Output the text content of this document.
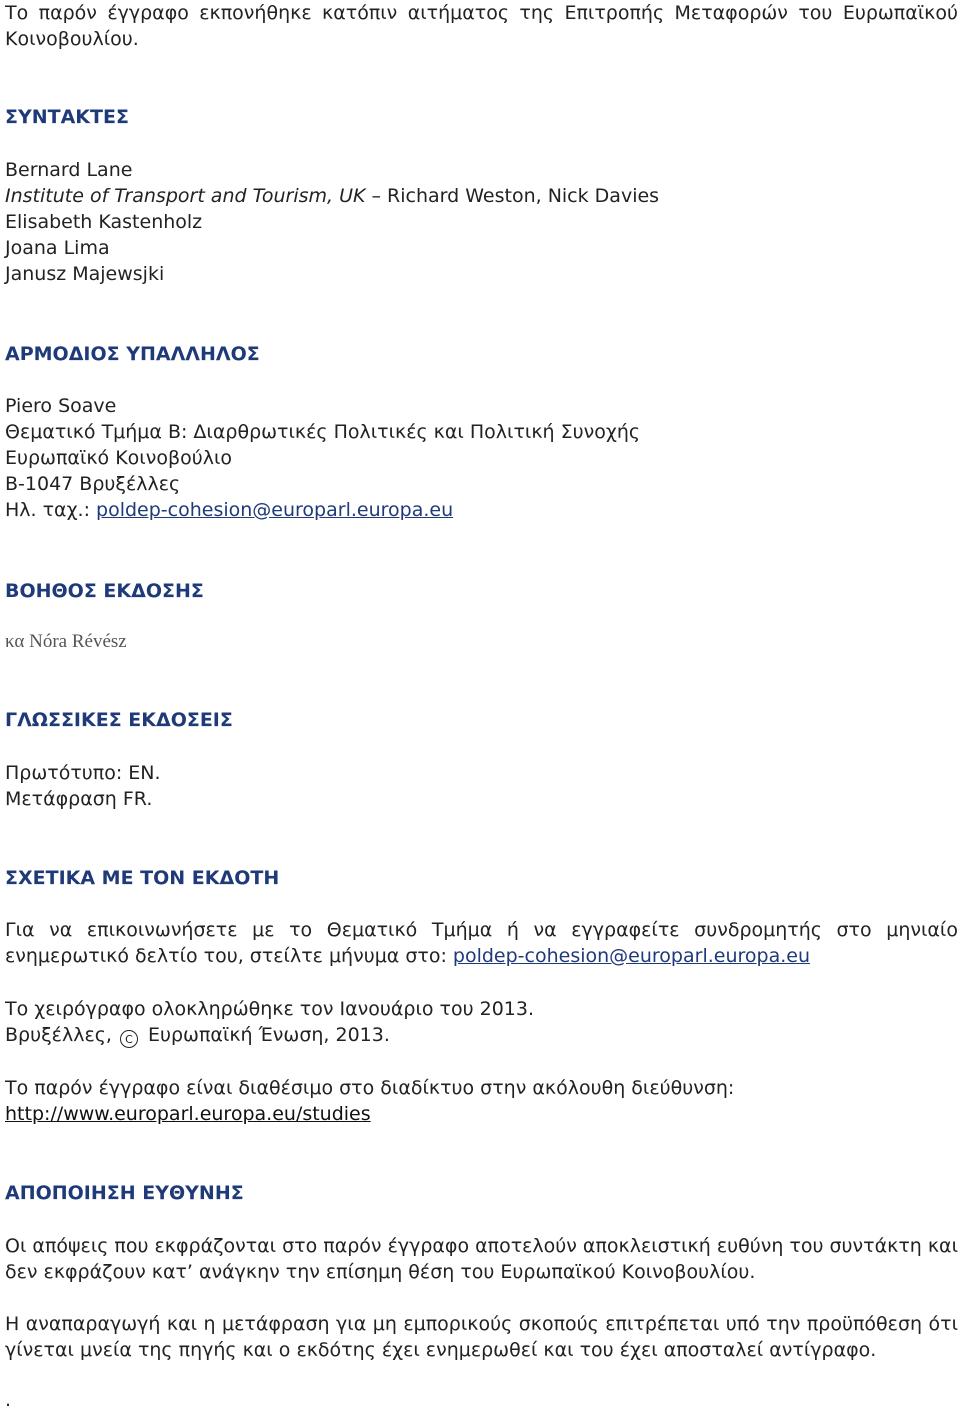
Το παρόν έγγραφο εκπονήθηκε κατόπιν αιτήματος της Επιτροπής Μεταφορών του Ευρωπαϊκού Κοινοβουλίου.
ΣΥΝΤΑΚΤΕΣ
Bernard Lane
Institute of Transport and Tourism, UK – Richard Weston, Nick Davies
Elisabeth Kastenholz
Joana Lima
Janusz Majewsjki
ΑΡΜΟΔΙΟΣ ΥΠΑΛΛΗΛΟΣ
Piero Soave
Θεματικό Τμήμα Β: Διαρθρωτικές Πολιτικές και Πολιτική Συνοχής
Ευρωπαϊκό Κοινοβούλιο
B-1047 Βρυξέλλες
Ηλ. ταχ.: poldep-cohesion@europarl.europa.eu
ΒΟΗΘΟΣ ΕΚΔΟΣΗΣ
κα Nóra Révész
ΓΛΩΣΣΙΚΕΣ ΕΚΔΟΣΕΙΣ
Πρωτότυπο: EN.
Μετάφραση FR.
ΣΧΕΤΙΚΑ ΜΕ ΤΟΝ ΕΚΔΟΤΗ
Για να επικοινωνήσετε με το Θεματικό Τμήμα ή να εγγραφείτε συνδρομητής στο μηνιαίο
ενημερωτικό δελτίο του, στείλτε μήνυμα στο: poldep-cohesion@europarl.europa.eu
Το χειρόγραφο ολοκληρώθηκε τον Ιανουάριο του 2013.
Βρυξέλλες, C Ευρωπαϊκή Ένωση, 2013.
Το παρόν έγγραφο είναι διαθέσιμο στο διαδίκτυο στην ακόλουθη διεύθυνση:
http://www.europarl.europa.eu/studies
ΑΠΟΠΟΙΗΣΗ ΕΥΘΥΝΗΣ
Οι απόψεις που εκφράζονται στο παρόν έγγραφο αποτελούν αποκλειστική ευθύνη του συντάκτη και δεν εκφράζουν κατ’ ανάγκην την επίσημη θέση του Ευρωπαϊκού Κοινοβουλίου.
Η αναπαραγωγή και η μετάφραση για μη εμπορικούς σκοπούς επιτρέπεται υπό την προϋπόθεση ότι γίνεται μνεία της πηγής και ο εκδότης έχει ενημερωθεί και του έχει αποσταλεί αντίγραφο.
.
